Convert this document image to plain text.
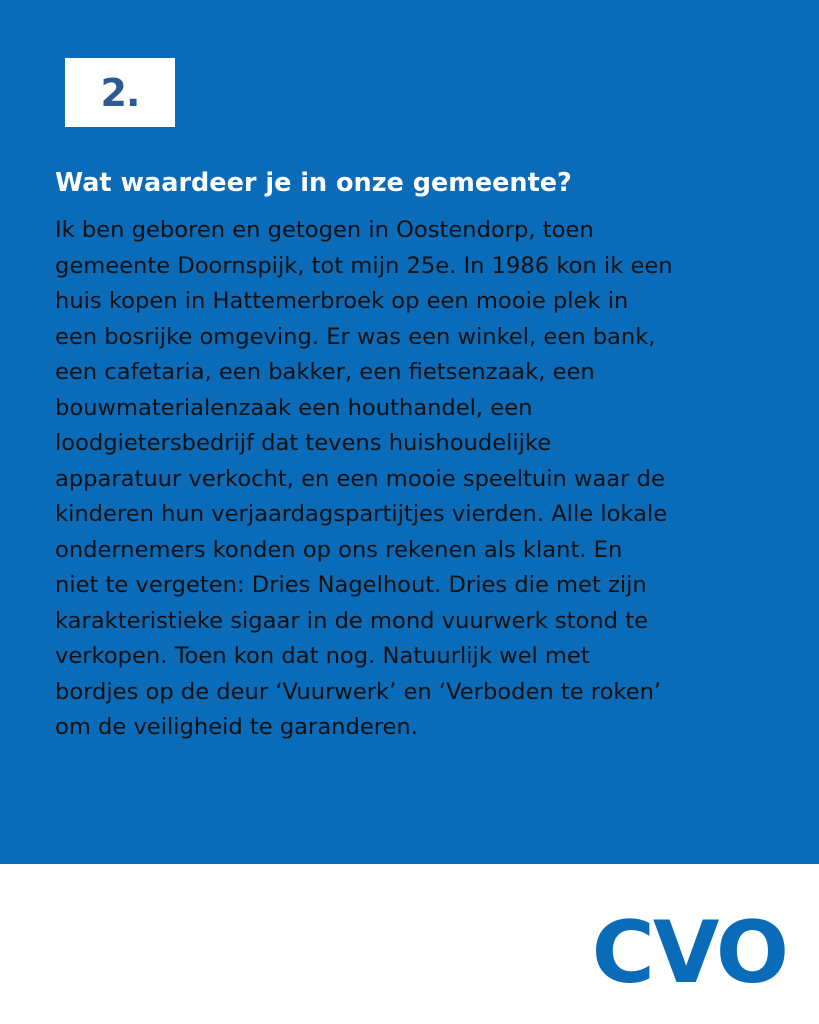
2.
Wat waardeer je in onze gemeente?

Ik ben geboren en getogen in Oostendorp, toen
gemeente Doornspijk, tot mijn 25e. In 1986 kon ik een
huis kopen in Hattemerbroek op een mooie plek in
een bosrijke omgeving. Er was een winkel, een bank,
een cafetaria, een bakker, een fietsenzaak, een
bouwmaterialenzaak een houthandel, een
loodgietersbedrijf dat tevens huishoudelijke
apparatuur verkocht, en een mooie speeltuin waar de
kinderen hun verjaardagspartijtjes vierden. Alle lokale
ondernemers konden op ons rekenen als klant. En
niet te vergeten: Dries Nagelhout. Dries die met zijn
karakteristieke sigaar in de mond vuurwerk stond te
verkopen. Toen kon dat nog. Natuurlijk wel met
bordjes op de deur ‘Vuurwerk’ en ‘Verboden te roken’
om de veiligheid te garanderen.

CVO
